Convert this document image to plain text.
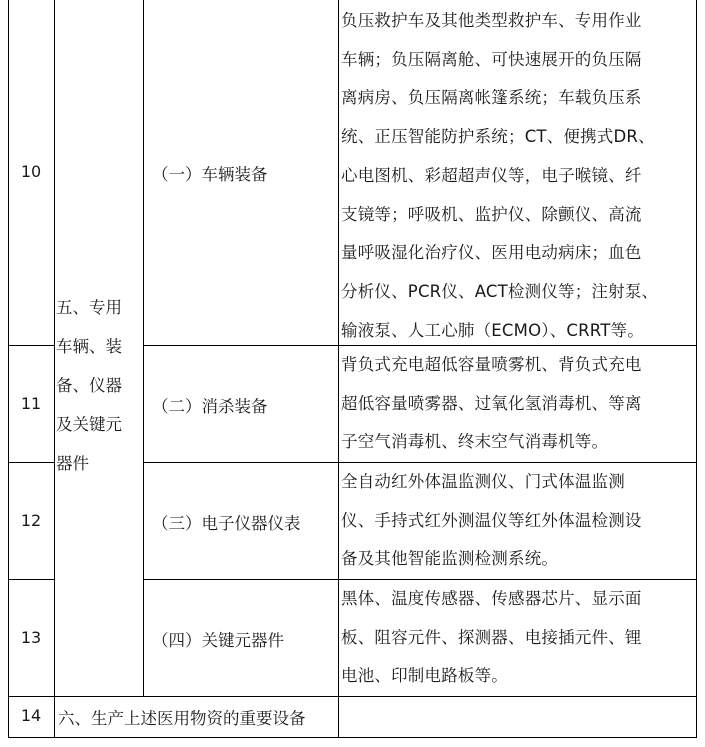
10
11
12
13
14
五、专用
车辆、装
备、仪器
及关键元
器件
（一）车辆装备
（二）消杀装备
（三）电子仪器仪表
（四）关键元器件
负压救护车及其他类型救护车、专用作业
车辆；负压隔离舱、可快速展开的负压隔
离病房、负压隔离帐篷系统；车载负压系
统、正压智能防护系统；CT、便携式DR、
心电图机、彩超超声仪等，电子喉镜、纤
支镜等；呼吸机、监护仪、除颤仪、高流
量呼吸湿化治疗仪、医用电动病床；血色
分析仪、PCR仪、ACT检测仪等；注射泵、
输液泵、人工心肺（ECMO）、CRRT等。
背负式充电超低容量喷雾机、背负式充电
超低容量喷雾器、过氧化氢消毒机、等离
子空气消毒机、终末空气消毒机等。
全自动红外体温监测仪、门式体温监测
仪、手持式红外测温仪等红外体温检测设
备及其他智能监测检测系统。
黑体、温度传感器、传感器芯片、显示面
板、阻容元件、探测器、电接插元件、锂
电池、印制电路板等。
六、生产上述医用物资的重要设备
